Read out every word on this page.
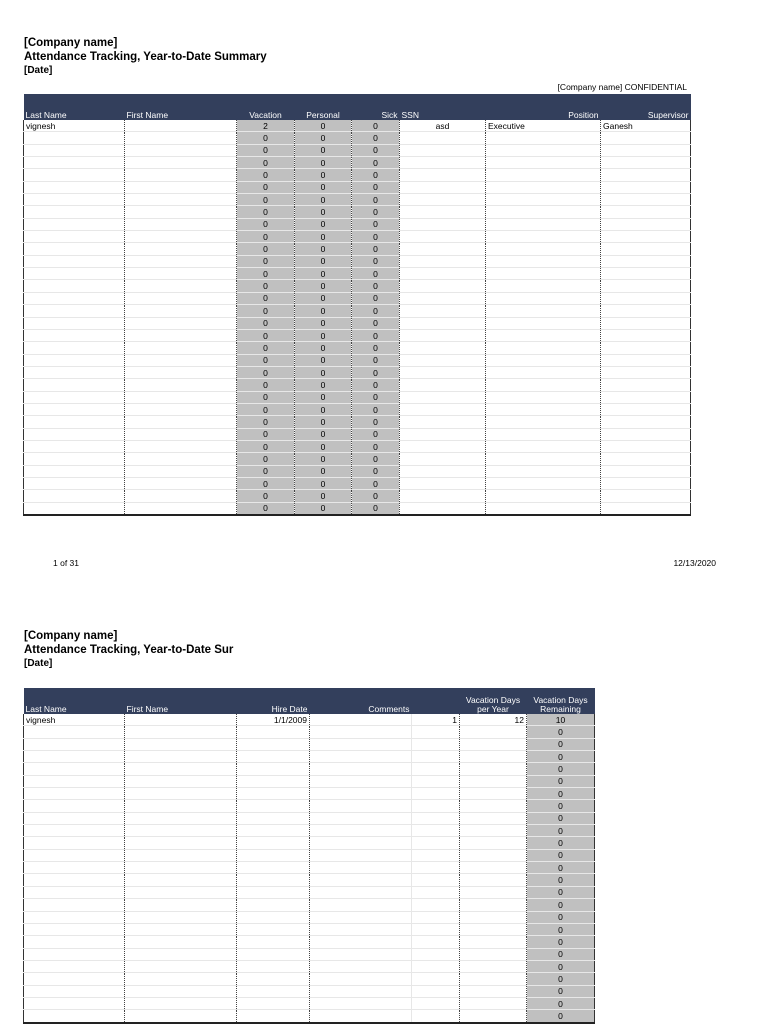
[Company name]
Attendance Tracking, Year-to-Date Summary
[Date]
[Company name] CONFIDENTIAL
Last Name	First Name	Vacation	Personal	Sick	SSN	Position	Supervisor
vignesh		2	0	0	asd	Executive	Ganesh
		0	0	0			
		0	0	0			
		0	0	0			
		0	0	0			
		0	0	0			
		0	0	0			
		0	0	0			
		0	0	0			
		0	0	0			
		0	0	0			
		0	0	0			
		0	0	0			
		0	0	0			
		0	0	0			
		0	0	0			
		0	0	0			
		0	0	0			
		0	0	0			
		0	0	0			
		0	0	0			
		0	0	0			
		0	0	0			
		0	0	0			
		0	0	0			
		0	0	0			
		0	0	0			
		0	0	0			
		0	0	0			
		0	0	0			
		0	0	0			
		0	0	0			
1 of 31	12/13/2020
[Company name]
Attendance Tracking, Year-to-Date Sur
[Date]
Last Name	First Name	Hire Date	Comments		Vacation Days per Year	Vacation Days Remaining
vignesh		1/1/2009		1	12	10
						0
						0
						0
						0
						0
						0
						0
						0
						0
						0
						0
						0
						0
						0
						0
						0
						0
						0
						0
						0
						0
						0
						0
						0
